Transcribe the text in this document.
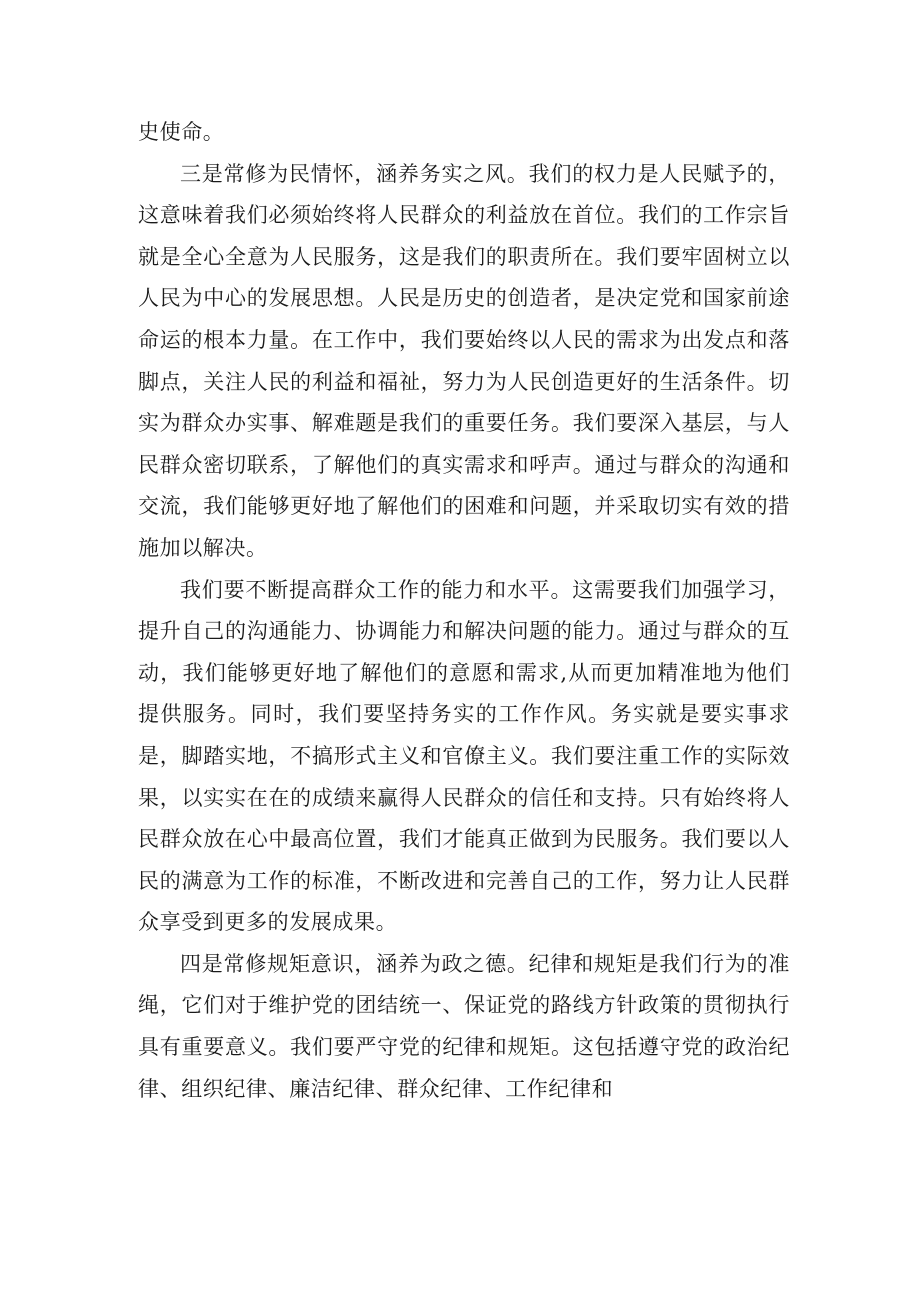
史使命。

三是常修为民情怀，涵养务实之风。我们的权力是人民赋予的，这意味着我们必须始终将人民群众的利益放在首位。我们的工作宗旨就是全心全意为人民服务，这是我们的职责所在。我们要牢固树立以人民为中心的发展思想。人民是历史的创造者，是决定党和国家前途命运的根本力量。在工作中，我们要始终以人民的需求为出发点和落脚点，关注人民的利益和福祉，努力为人民创造更好的生活条件。切实为群众办实事、解难题是我们的重要任务。我们要深入基层，与人民群众密切联系，了解他们的真实需求和呼声。通过与群众的沟通和交流，我们能够更好地了解他们的困难和问题，并采取切实有效的措施加以解决。

我们要不断提高群众工作的能力和水平。这需要我们加强学习，提升自己的沟通能力、协调能力和解决问题的能力。通过与群众的互动，我们能够更好地了解他们的意愿和需求,从而更加精准地为他们提供服务。同时，我们要坚持务实的工作作风。务实就是要实事求是，脚踏实地，不搞形式主义和官僚主义。我们要注重工作的实际效果，以实实在在的成绩来赢得人民群众的信任和支持。只有始终将人民群众放在心中最高位置，我们才能真正做到为民服务。我们要以人民的满意为工作的标准，不断改进和完善自己的工作，努力让人民群众享受到更多的发展成果。

四是常修规矩意识，涵养为政之德。纪律和规矩是我们行为的准绳，它们对于维护党的团结统一、保证党的路线方针政策的贯彻执行具有重要意义。我们要严守党的纪律和规矩。这包括遵守党的政治纪律、组织纪律、廉洁纪律、群众纪律、工作纪律和
